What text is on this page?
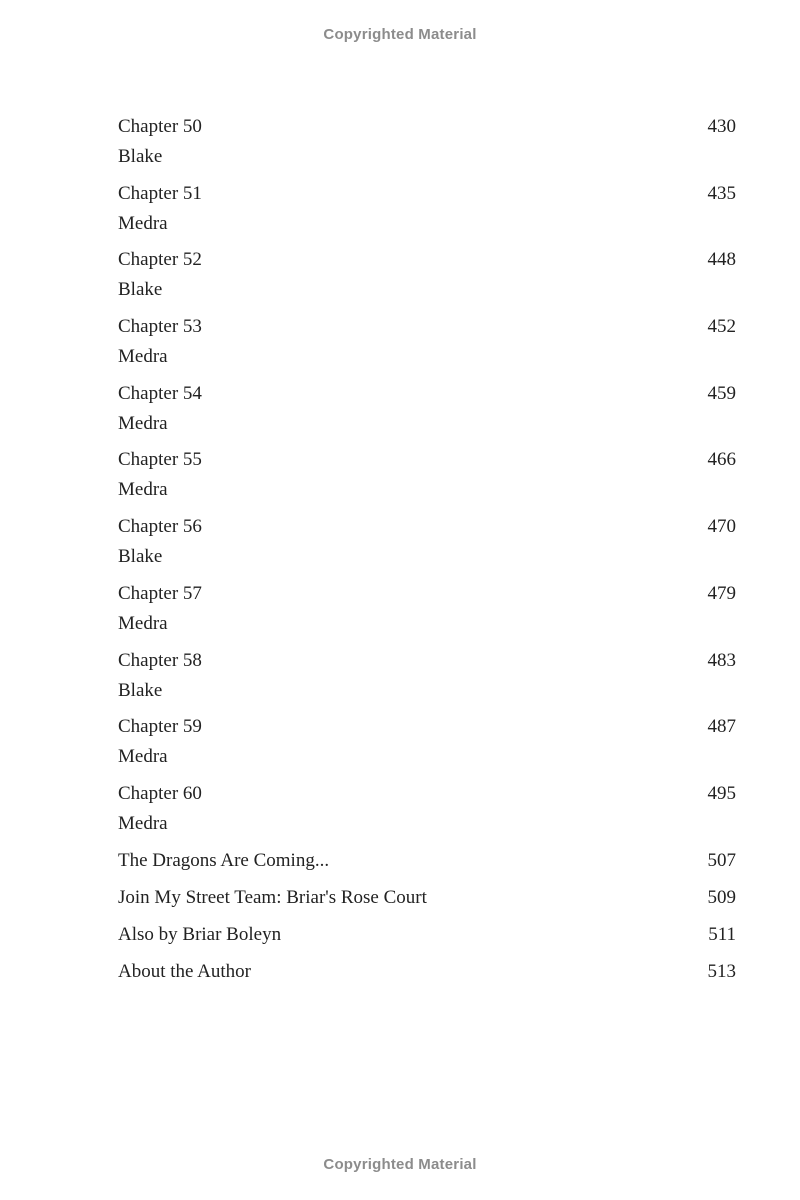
Copyrighted Material
Chapter 50	430
Blake
Chapter 51	435
Medra
Chapter 52	448
Blake
Chapter 53	452
Medra
Chapter 54	459
Medra
Chapter 55	466
Medra
Chapter 56	470
Blake
Chapter 57	479
Medra
Chapter 58	483
Blake
Chapter 59	487
Medra
Chapter 60	495
Medra
The Dragons Are Coming...	507
Join My Street Team: Briar's Rose Court	509
Also by Briar Boleyn	511
About the Author	513
Copyrighted Material
